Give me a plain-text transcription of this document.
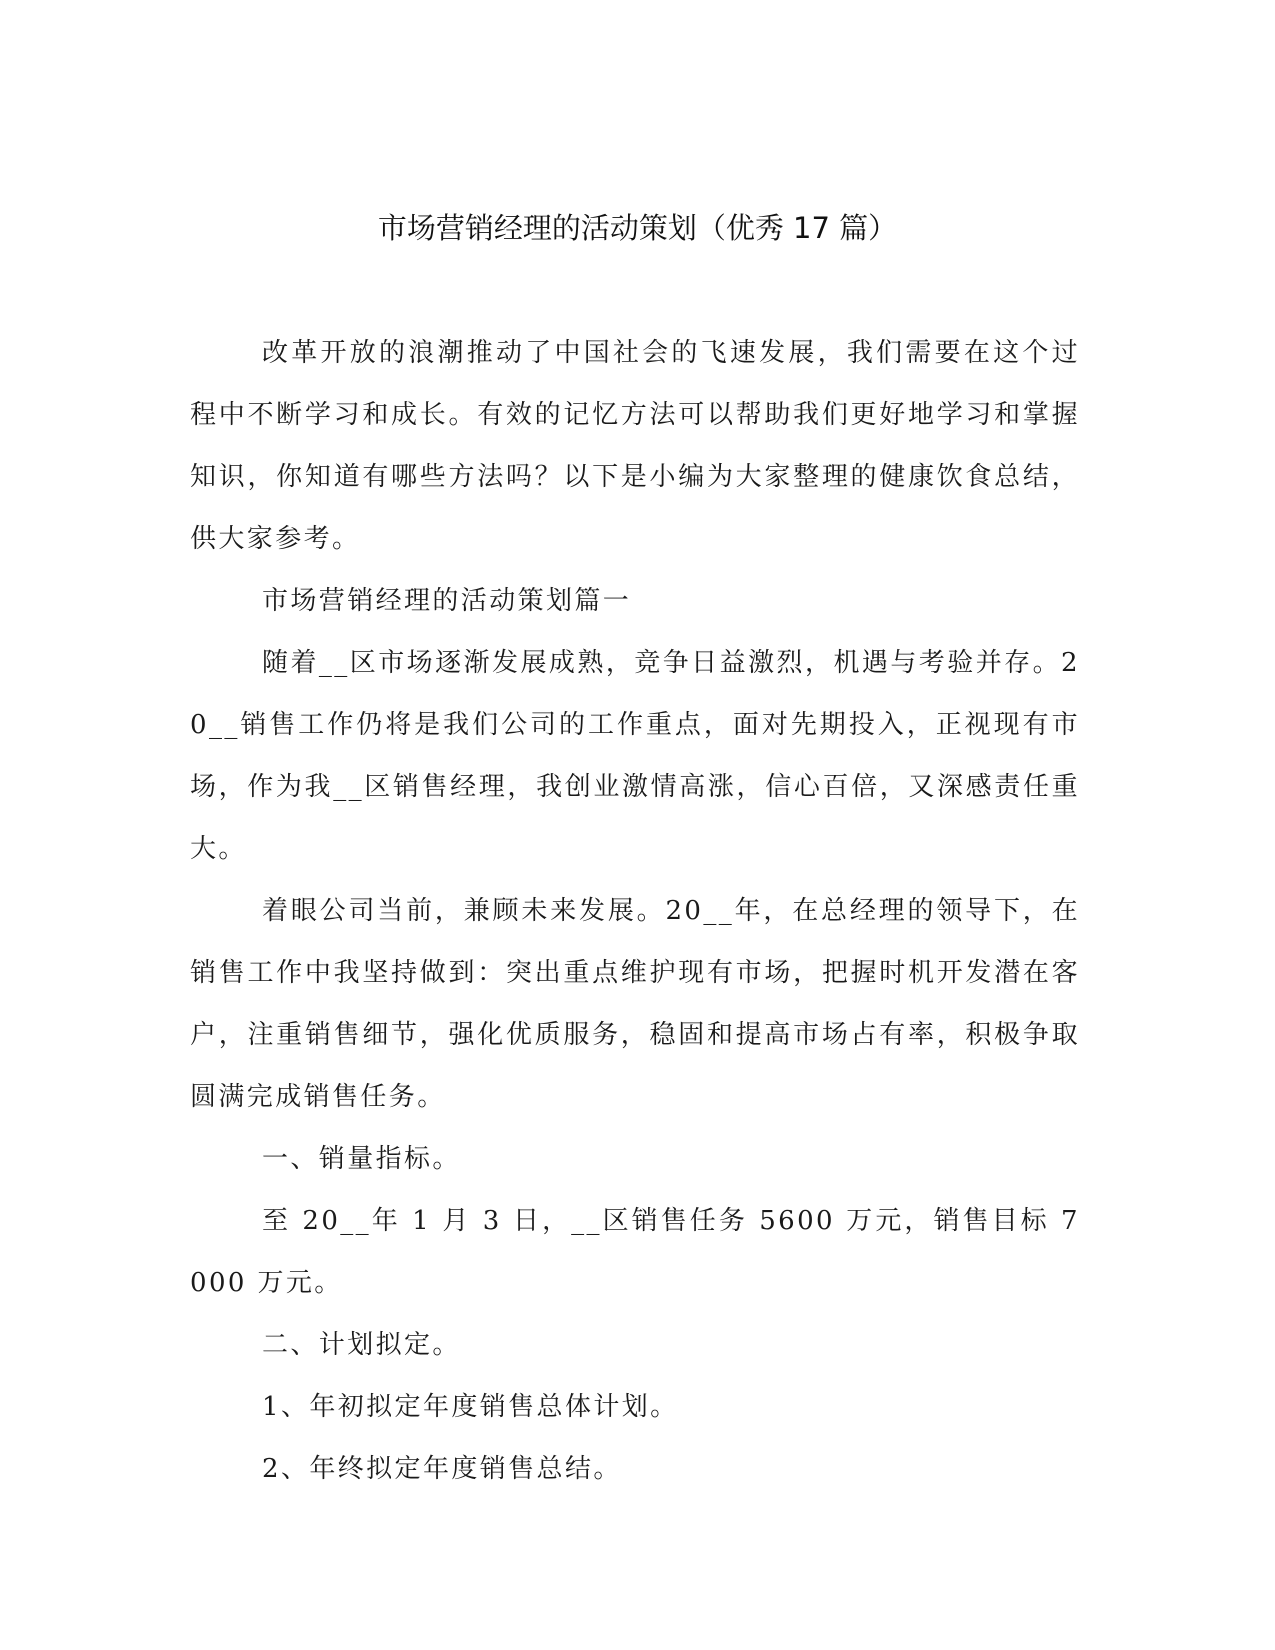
市场营销经理的活动策划（优秀 17 篇）

改革开放的浪潮推动了中国社会的飞速发展，我们需要在这个过程中不断学习和成长。有效的记忆方法可以帮助我们更好地学习和掌握知识，你知道有哪些方法吗？以下是小编为大家整理的健康饮食总结，供大家参考。

市场营销经理的活动策划篇一

随着__区市场逐渐发展成熟，竞争日益激烈，机遇与考验并存。20__销售工作仍将是我们公司的工作重点，面对先期投入，正视现有市场，作为我__区销售经理，我创业激情高涨，信心百倍，又深感责任重大。

着眼公司当前，兼顾未来发展。20__年，在总经理的领导下，在销售工作中我坚持做到：突出重点维护现有市场，把握时机开发潜在客户，注重销售细节，强化优质服务，稳固和提高市场占有率，积极争取圆满完成销售任务。

一、销量指标。

至 20__年 1 月 3 日，__区销售任务 5600 万元，销售目标 7000 万元。

二、计划拟定。

1、年初拟定年度销售总体计划。

2、年终拟定年度销售总结。
